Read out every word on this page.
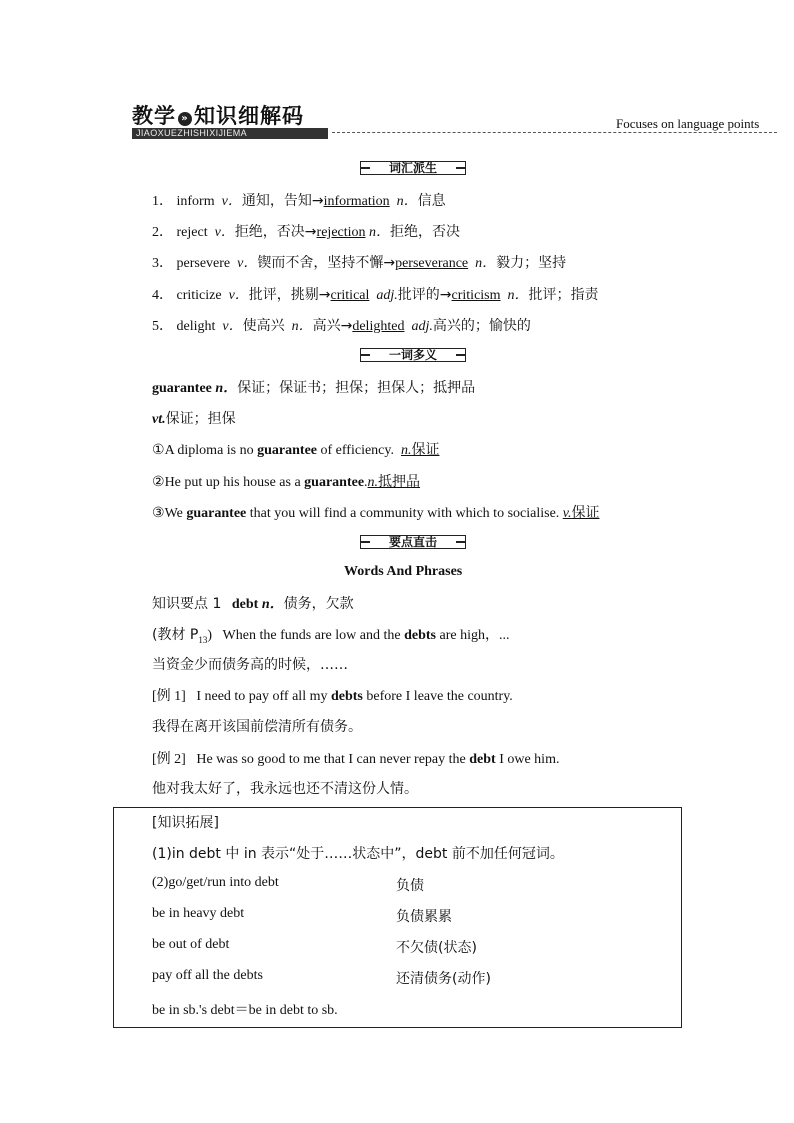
教学 » 知识细解码
JIAOXUEZHISHIXIJIEMA
Focuses on language points
词汇派生
1． inform v．通知，告知→information n．信息
2． reject v．拒绝，否决→rejection n．拒绝，否决
3． persevere v．锲而不舍，坚持不懈→perseverance n．毅力；坚持
4． criticize v．批评，挑剔→critical adj.批评的→criticism n．批评；指责
5． delight v．使高兴 n．高兴→delighted adj.高兴的；愉快的
一词多义
guarantee n．保证；保证书；担保；担保人；抵押品
vt.保证；担保
①A diploma is no guarantee of efficiency. n.保证
②He put up his house as a guarantee.n.抵押品
③We guarantee that you will find a community with which to socialise. v.保证
要点直击
Words And Phrases
知识要点 1 debt n．债务，欠款
(教材 $P_{13}$) When the funds are low and the debts are high，...
当资金少而债务高的时候，……
[例 1] I need to pay off all my debts before I leave the country.
我得在离开该国前偿清所有债务。
[例 2] He was so good to me that I can never repay the debt I owe him.
他对我太好了，我永远也还不清这份人情。
[知识拓展]
(1)in debt 中 in 表示“处于……状态中”，debt 前不加任何冠词。
(2)go/get/run into debt	负债
be in heavy debt	负债累累
be out of debt	不欠债(状态)
pay off all the debts	还清债务(动作)
be in sb.'s debt＝be in debt to sb.
